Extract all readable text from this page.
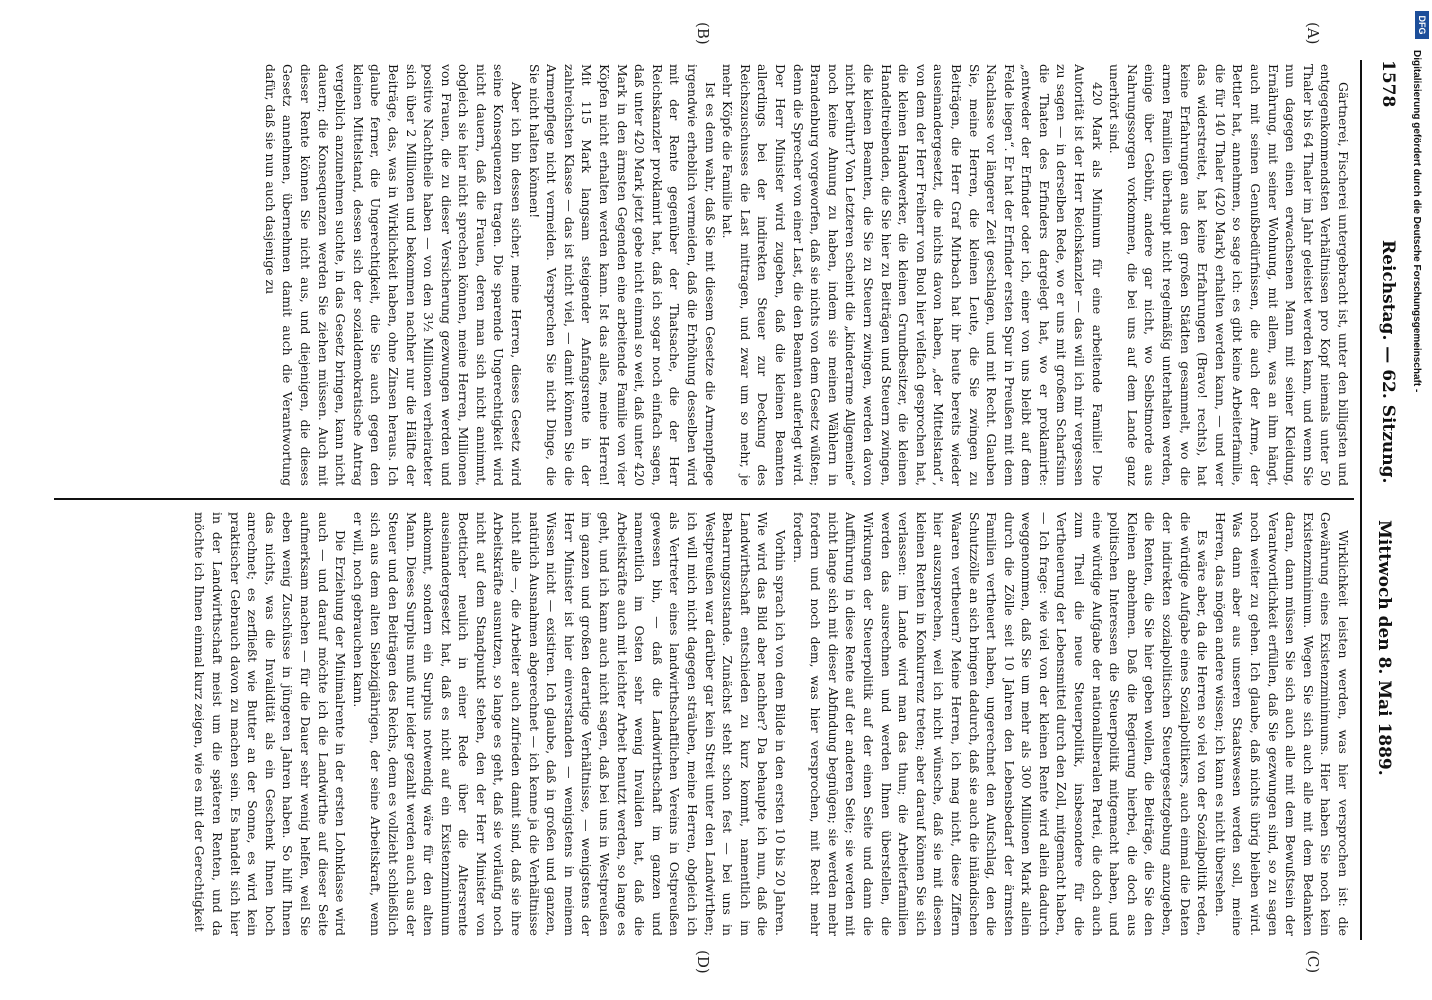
1578
Reichstag. — 62. Sitzung.

Gärtnerei, Fischerei untergebracht ist, unter den billigsten und entgegenkommendsten Verhältnissen pro Kopf niemals unter 50 Thaler bis 64 Thaler im Jahr geleistet werden kann, und wenn Sie nun dagegen einen erwachsenen Mann mit seiner Kleidung, Ernährung, mit seiner Wohnung, mit allem, was an ihm hängt, auch mit seinen Genußbedürfnissen, die auch der Arme, der Bettler hat, annehmen, so sage ich: es gibt keine Arbeiterfamilie, die für 140 Thaler (420 Mark) erhalten werden kann, — und wer das widerstreitet, hat keine Erfahrungen (Bravo! rechts), hat keine Erfahrungen aus den großen Städten gesammelt, wo die armen Familien überhaupt nicht regelmäßig unterhalten werden, einige über Gebühr, andere gar nicht, wo Selbstmorde aus Nahrungssorgen vorkommen, die bei uns auf dem Lande ganz unerhört sind.

420 Mark als Minimum für eine arbeitende Familie! Die Autorität ist der Herr Reichskanzler — das will ich mir vergessen zu sagen — in derselben Rede, wo er uns mit großem Scharfsinn die Thaten des Erfinders dargelegt hat, wo er proklamirte: „entweder der Erfinder oder ich, einer von uns bleibt auf dem Felde liegen“. Er hat der Erfinder ersten Spur in Preußen mit dem Nachlasse vor längerer Zeit geschlagen, und mit Recht. Glauben Sie, meine Herren, die kleinen Leute, die Sie zwingen zu Beiträgen, die Herr Graf Mirbach hat ihr heute bereits wieder auseinandergesetzt, die nichts davon haben, „der Mittelstand“, von dem der Herr Freiherr von Buol hier vielfach gesprochen hat, die kleinen Handwerker, die kleinen Grundbesitzer, die kleinen Handeltreibenden, die Sie hier zu Beiträgen und Steuern zwingen, die kleinen Beamten, die Sie zu Steuern zwingen, werden davon nicht berührt? Von Letzteren scheint die „kinderarme Allgemeine“ noch keine Ahnung zu haben, indem sie meinen Wählern in Brandenburg vorgeworfen, daß sie nichts von dem Gesetz wüßten; denn die Sprecher von einer Last, die den Beamten auferlegt wird. Der Herr Minister wird zugeben, daß die kleinen Beamten allerdings bei der indirekten Steuer zur Deckung des Reichszuschusses die Last mittragen, und zwar um so mehr, je mehr Köpfe die Familie hat.

Ist es denn wahr, daß Sie mit diesem Gesetze die Armenpflege irgendwie erheblich vermeiden, daß die Erhöhung desselben wird mit der Rente gegenüber der Thatsache, die der Herr Reichskanzler proklamirt hat, daß ich sogar noch einfach sagen, daß unter 420 Mark jetzt gebe nicht einmal so weit, daß unter 420 Mark in den ärmsten Gegenden eine arbeitende Familie von vier Köpfen nicht erhalten werden kann. Ist das alles, meine Herren! Mit 115 Mark langsam steigender Anfangsrente in der zahlreichsten Klasse — das ist nicht viel, — damit können Sie die Armenpflege nicht vermeiden. Versprechen Sie nicht Dinge, die Sie nicht halten können!

Aber ich bin dessen sicher, meine Herren, dieses Gesetz wird seine Konsequenzen tragen. Die sparende Ungerechtigkeit wird nicht dauern, daß die Frauen, deren man sich nicht annimmt, obgleich sie hier nicht sprechen können, meine Herren, Millionen von Frauen, die zu dieser Versicherung gezwungen werden und positive Nachtheile haben — von den 3½ Millionen verheirateter sich über 2 Millionen und bekommen nachher nur die Hälfte der Beiträge, das, was in Wirklichkeit haben, ohne Zinsen heraus. Ich glaube ferner, die Ungerechtigkeit, die Sie auch gegen den kleinen Mittelstand, dessen sich der sozialdemokratische Antrag vergeblich anzunehmen suchte, in das Gesetz bringen, kann nicht dauern; die Konsequenzen werden Sie ziehen müssen. Auch mit dieser Rente können Sie nicht aus, und diejenigen, die dieses Gesetz annehmen, übernehmen damit auch die Verantwortung dafür, daß sie nun auch dasjenige zu

Wirklichkeit leisten werden, was hier versprochen ist: die Gewährung eines Existenzminimums. Hier haben Sie noch kein Existenzminimum. Wegen Sie sich auch alle mit dem Bedanken daran, dann müssen Sie sich auch alle mit dem Bewußtsein der Verantwortlichkeit erfüllen, daß Sie gezwungen sind, so zu sagen noch weiter zu gehen. Ich glaube, daß nichts übrig bleiben wird. Was dann aber aus unseren Staatswesen werden soll, meine Herren, das mögen andere wissen; ich kann es nicht übersehen.

Es wäre aber, da die Herren so viel von der Sozialpolitik reden, die würdige Aufgabe eines Sozialpolitikers, auch einmal die Daten der indirekten sozialpolitischen Steuergesetzgebung anzugeben, die Renten, die Sie hier geben wollen, die Beiträge, die Sie den Kleinen abnehmen. Daß die Regierung hierbei, die doch aus politischen Interessen die Steuerpolitik mitgemacht haben, und eine würdige Aufgabe der nationalliberalen Partei, die doch auch zum Theil die neue Steuerpolitik, insbesondere für die Vertheuerung der Lebensmittel durch den Zoll, mitgemacht haben, — Ich frage: wie viel von der kleinen Rente wird allein dadurch weggenommen, daß Sie um mehr als 300 Millionen Mark allein durch die Zölle seit 10 Jahren den Lebensbedarf der ärmsten Familien vertheuert haben, ungerechnet den Aufschlag, den die Schutzzölle an sich bringen dadurch, daß sie auch die inländischen Waaren vertheuern? Meine Herren, ich mag nicht, diese Ziffern hier auszusprechen, weil ich nicht wünsche, daß sie mit diesen kleinen Renten in Konkurrenz treten; aber darauf können Sie sich verlassen: im Lande wird man das thun; die Arbeiterfamilien werden das ausrechnen und werden Ihnen überstellen, die Wirkungen der Steuerpolitik auf der einen Seite und dann die Aufführung in diese Rente auf der anderen Seite; sie werden mit nicht lange sich mit dieser Abfindung begnügen; sie werden mehr fordern und noch dem, was hier versprochen, mit Recht mehr fordern.

Vorhin sprach ich von dem Bilde in den ersten 10 bis 20 Jahren. Wie wird das Bild aber nachher? Da behaupte ich nun, daß die Landwirthschaft entschieden zu kurz kommt, namentlich im Beharrungszustande. Zunächst steht schon fest — bei uns in Westpreußen war darüber gar kein Streit unter den Landwirthen; ich will mich nicht dagegen sträuben, meine Herren, obgleich ich als Vertreter eines landwirthschaftlichen Vereins in Ostpreußen gewesen bin, — daß die Landwirthschaft im ganzen und namentlich im Osten sehr wenig Invaliden hat, daß die Arbeitskräfte auch mit leichter Arbeit benutzt werden, so lange es geht, und ich kann auch nicht sagen, daß bei uns in Westpreußen im ganzen und großen derartige Verhältnisse, — wenigstens der Herr Minister ist hier einverstanden — wenigstens in meinem Wissen nicht — existiren. Ich glaube, daß in großen und ganzen, natürlich Ausnahmen abgerechnet — ich kenne ja die Verhältnisse nicht alle —, die Arbeiter auch zufrieden damit sind, daß sie ihre Arbeitskräfte ausnutzen, so lange es geht, daß sie vorläufig noch nicht auf dem Standpunkt stehen, den der Herr Minister von Boetticher neulich in einer Rede über die Altersrente auseinandergesetzt hat, daß es nicht auf ein Existenzminimum ankommt, sondern ein Surplus notwendig wäre für den alten Mann. Dieses Surplus muß nur leider gezahlt werden auch aus der Steuer und den Beiträgen des Reichs, denn es vollzieht schließlich sich aus dem alten Siebzigjährigen, der seine Arbeitskraft, wenn er will, noch gebrauchen kann.

Die Erziehung der Minimalrente in der ersten Lohnklasse wird auch — und darauf möchte ich die Landwirthe auf dieser Seite aufmerksam machen — für die Dauer sehr wenig helfen, weil Sie eben wenig Zuschüsse in jüngeren Jahren haben. So hilft Ihnen das nichts, was die Invalidität als ein Geschenk Ihnen hoch anrechnet; es zerfließt wie Butter an der Sonne, es wird kein praktischer Gebrauch davon zu machen sein. Es handelt sich hier in der Landwirthschaft meist um die späteren Renten, und da möchte ich Ihnen einmal kurz zeigen, wie es mit der Gerechtigkeit

(A)
(B)
(C)
(D)
Mittwoch den 8. Mai 1889.
DFG
Digitalisierung gefördert durch die Deutsche Forschungsgemeinschaft -
